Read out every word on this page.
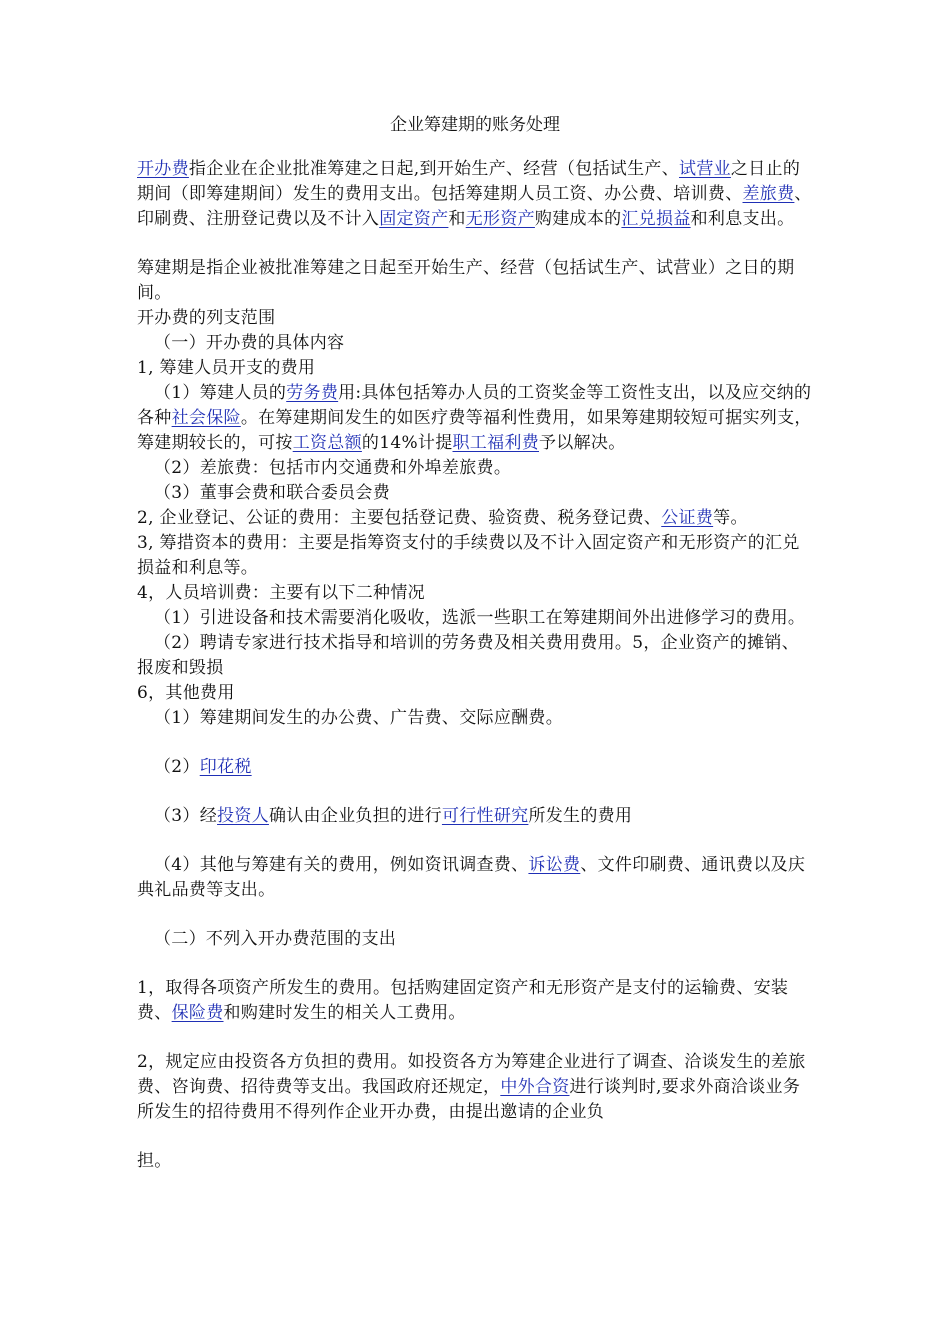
企业筹建期的账务处理

开办费指企业在企业批准筹建之日起,到开始生产、经营（包括试生产、试营业之日止的期间（即筹建期间）发生的费用支出。包括筹建期人员工资、办公费、培训费、差旅费、印刷费、注册登记费以及不计入固定资产和无形资产购建成本的汇兑损益和利息支出。

筹建期是指企业被批准筹建之日起至开始生产、经营（包括试生产、试营业）之日的期间。

开办费的列支范围

（一）开办费的具体内容

1, 筹建人员开支的费用

（1）筹建人员的劳务费用:具体包括筹办人员的工资奖金等工资性支出，以及应交纳的各种社会保险。在筹建期间发生的如医疗费等福利性费用，如果筹建期较短可据实列支，筹建期较长的，可按工资总额的14%计提职工福利费予以解决。

（2）差旅费：包括市内交通费和外埠差旅费。

（3）董事会费和联合委员会费

2, 企业登记、公证的费用：主要包括登记费、验资费、税务登记费、公证费等。

3, 筹措资本的费用：主要是指筹资支付的手续费以及不计入固定资产和无形资产的汇兑损益和利息等。

4，人员培训费：主要有以下二种情况

（1）引进设备和技术需要消化吸收，选派一些职工在筹建期间外出进修学习的费用。

（2）聘请专家进行技术指导和培训的劳务费及相关费用费用。5，企业资产的摊销、报废和毁损

6，其他费用

（1）筹建期间发生的办公费、广告费、交际应酬费。

（2）印花税

（3）经投资人确认由企业负担的进行可行性研究所发生的费用

（4）其他与筹建有关的费用，例如资讯调查费、诉讼费、文件印刷费、通讯费以及庆典礼品费等支出。

（二）不列入开办费范围的支出

1，取得各项资产所发生的费用。包括购建固定资产和无形资产是支付的运输费、安装费、保险费和购建时发生的相关人工费用。

2，规定应由投资各方负担的费用。如投资各方为筹建企业进行了调查、洽谈发生的差旅费、咨询费、招待费等支出。我国政府还规定，中外合资进行谈判时,要求外商洽谈业务所发生的招待费用不得列作企业开办费，由提出邀请的企业负

担。
